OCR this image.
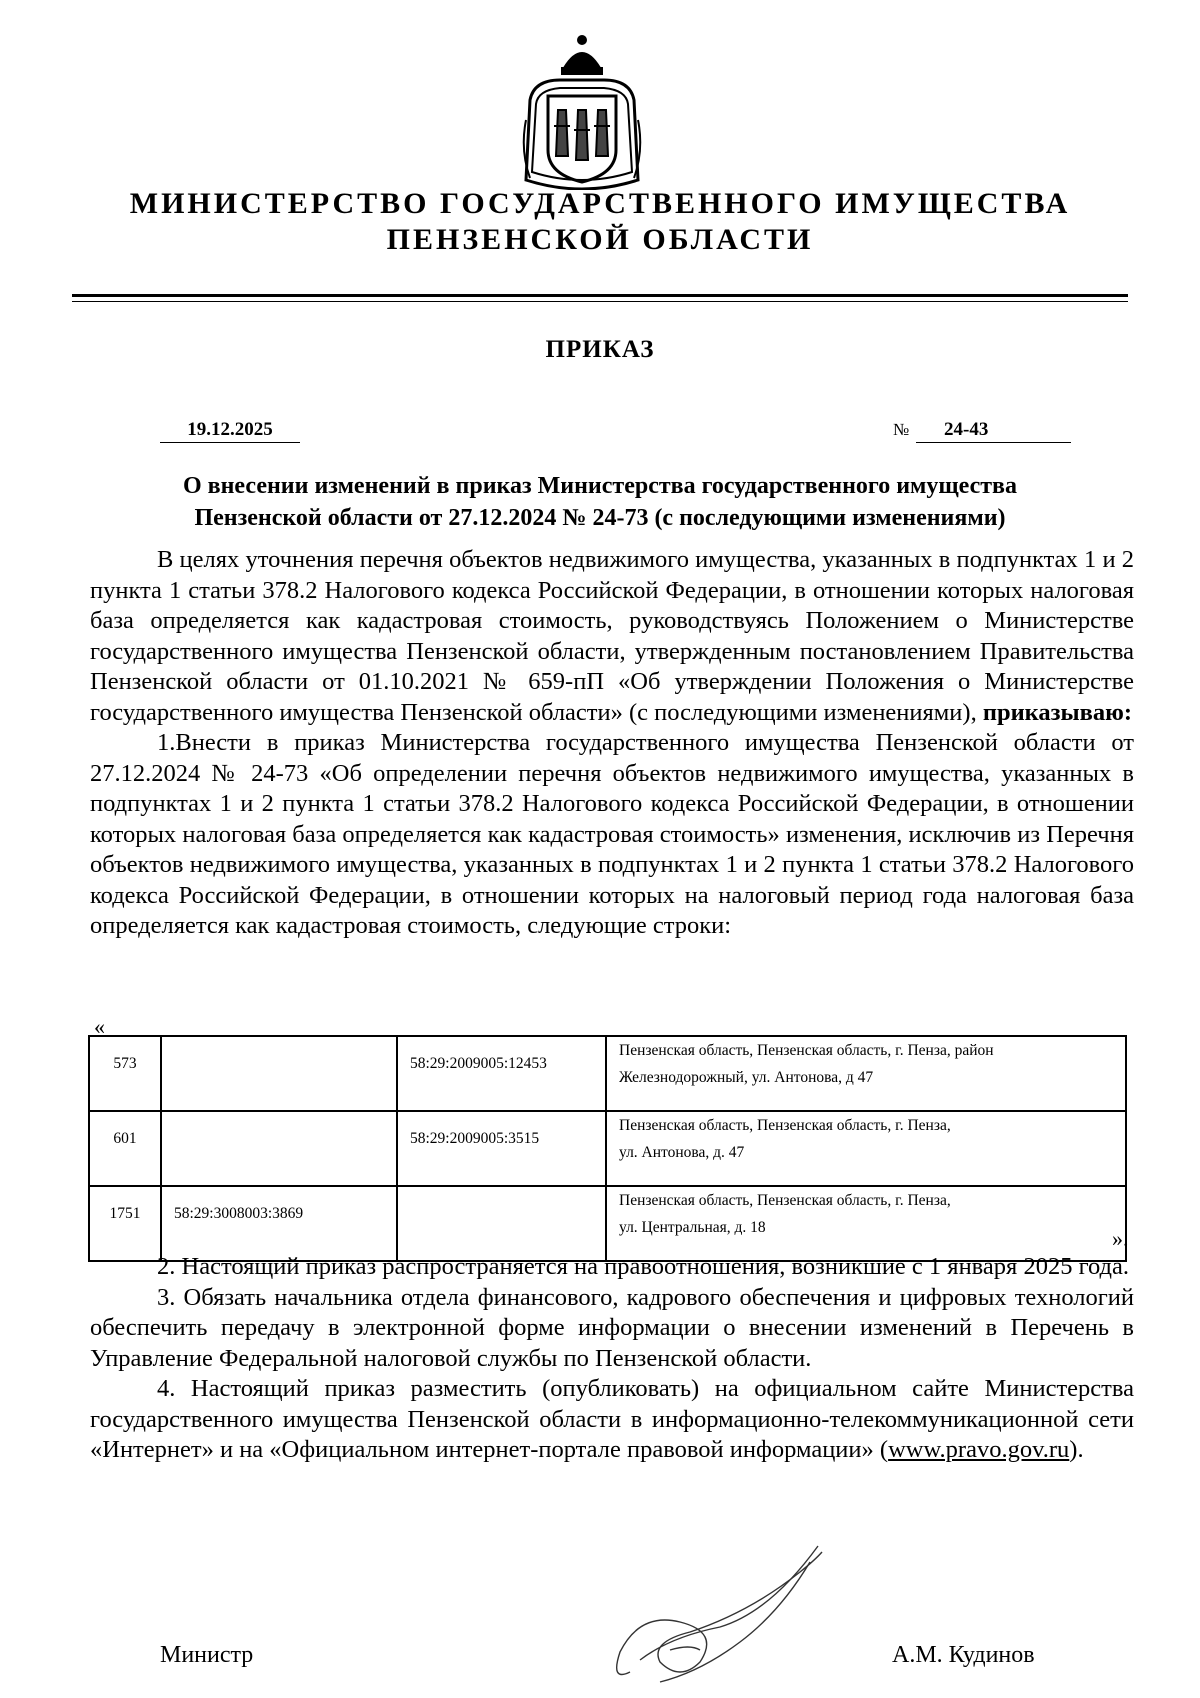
МИНИСТЕРСТВО ГОСУДАРСТВЕННОГО ИМУЩЕСТВА
ПЕНЗЕНСКОЙ ОБЛАСТИ
ПРИКАЗ
19.12.2025	№	24-43
О внесении изменений в приказ Министерства государственного имущества
Пензенской области от 27.12.2024 № 24-73 (с последующими изменениями)

В целях уточнения перечня объектов недвижимого имущества, указанных в подпунктах 1 и 2 пункта 1 статьи 378.2 Налогового кодекса Российской Федерации, в отношении которых налоговая база определяется как кадастровая стоимость, руководствуясь Положением о Министерстве государственного имущества Пензенской области, утвержденным постановлением Правительства Пензенской области от 01.10.2021 № 659-пП «Об утверждении Положения о Министерстве государственного имущества Пензенской области» (с последующими изменениями), приказываю:

1.Внести в приказ Министерства государственного имущества Пензенской области от 27.12.2024 № 24-73 «Об определении перечня объектов недвижимого имущества, указанных в подпунктах 1 и 2 пункта 1 статьи 378.2 Налогового кодекса Российской Федерации, в отношении которых налоговая база определяется как кадастровая стоимость» изменения, исключив из Перечня объектов недвижимого имущества, указанных в подпунктах 1 и 2 пункта 1 статьи 378.2 Налогового кодекса Российской Федерации, в отношении которых на налоговый период года налоговая база определяется как кадастровая стоимость, следующие строки:

«
573		58:29:2009005:12453	Пензенская область, Пензенская область, г. Пенза, район
Железнодорожный, ул. Антонова, д 47

601		58:29:2009005:3515	Пензенская область, Пензенская область, г. Пенза,
ул. Антонова, д. 47

1751	58:29:3008003:3869		Пензенская область, Пензенская область, г. Пенза,
ул. Центральная, д. 18	».

2. Настоящий приказ распространяется на правоотношения, возникшие с 1 января 2025 года.

3. Обязать начальника отдела финансового, кадрового обеспечения и цифровых технологий обеспечить передачу в электронной форме информации о внесении изменений в Перечень в Управление Федеральной налоговой службы по Пензенской области.

4. Настоящий приказ разместить (опубликовать) на официальном сайте Министерства государственного имущества Пензенской области в информационно-телекоммуникационной сети «Интернет» и на «Официальном интернет-портале правовой информации» (www.pravo.gov.ru).

Министр	А.М. Кудинов
